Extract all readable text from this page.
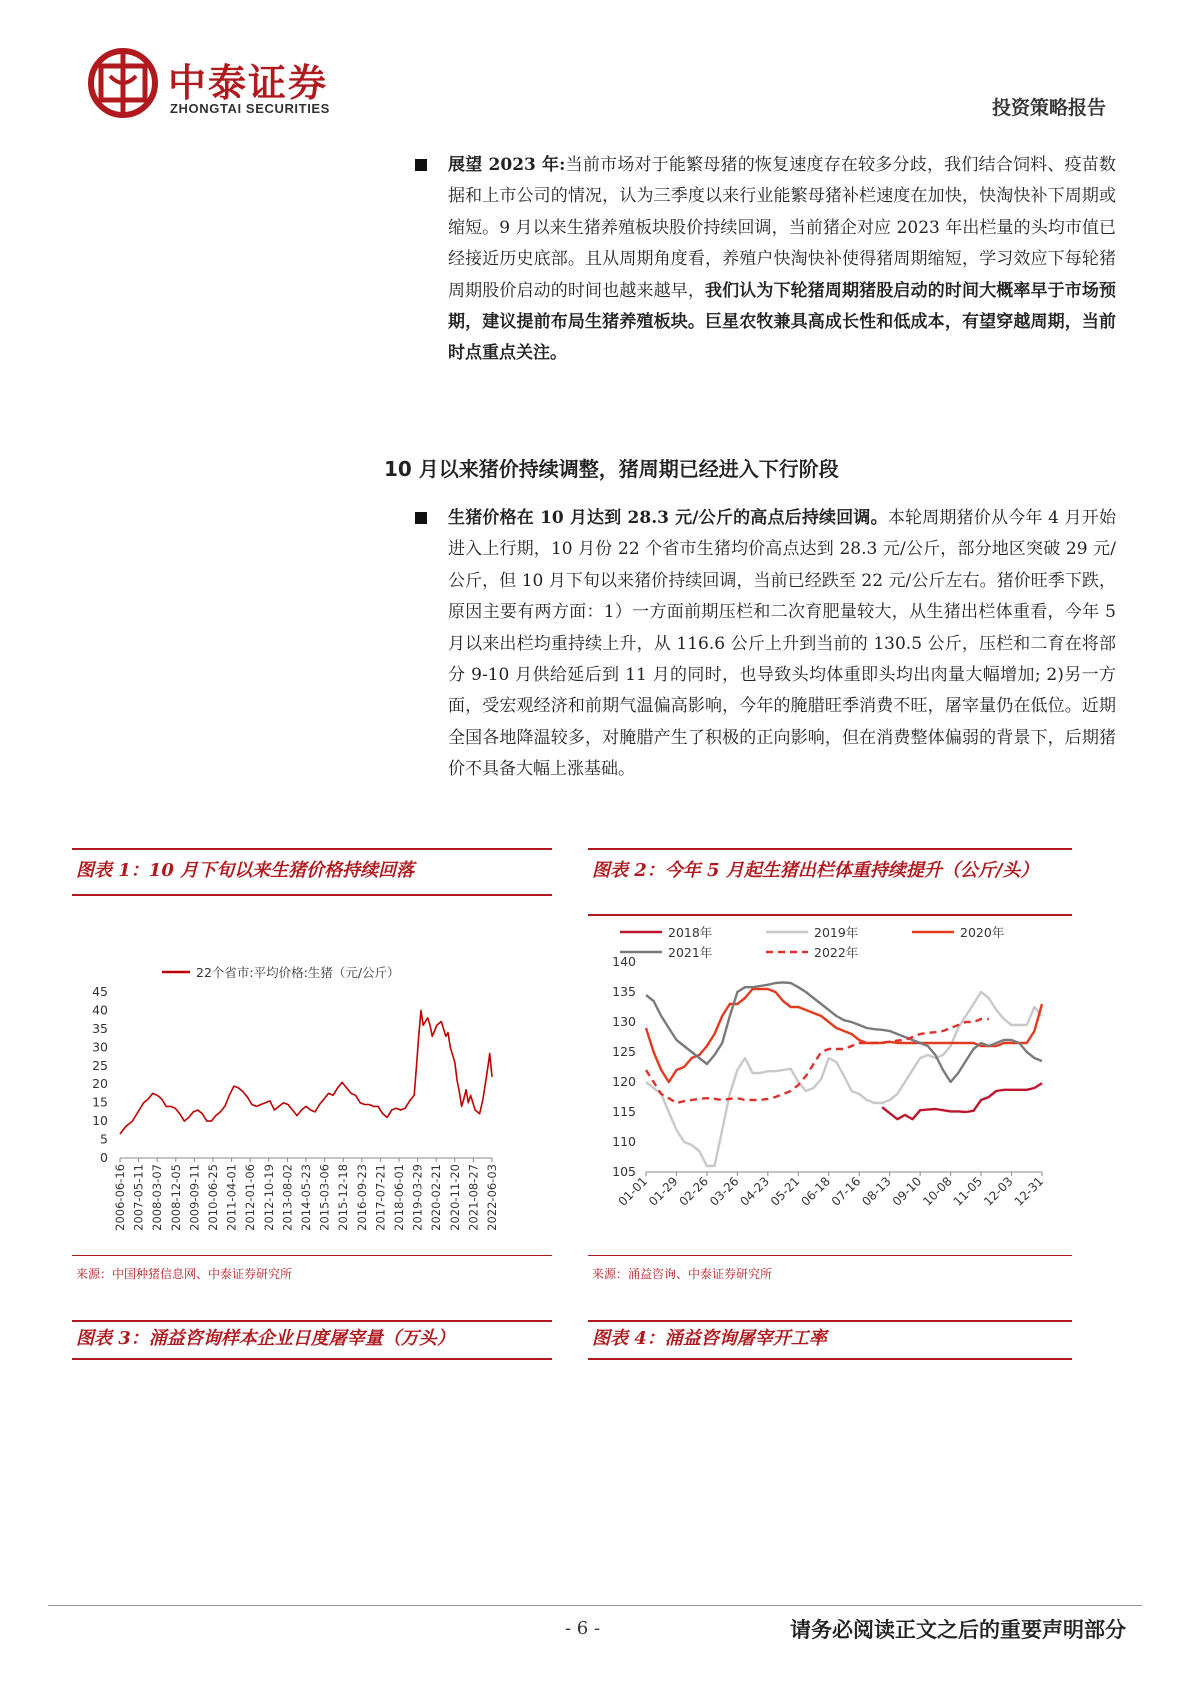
中泰证券
ZHONGTAI SECURITIES	投资策略报告
展望 2023 年:当前市场对于能繁母猪的恢复速度存在较多分歧，我们结合饲料、疫苗数据和上市公司的情况，认为三季度以来行业能繁母猪补栏速度在加快，快淘快补下周期或缩短。9 月以来生猪养殖板块股价持续回调，当前猪企对应 2023 年出栏量的头均市值已经接近历史底部。且从周期角度看，养殖户快淘快补使得猪周期缩短，学习效应下每轮猪周期股价启动的时间也越来越早，我们认为下轮猪周期猪股启动的时间大概率早于市场预期，建议提前布局生猪养殖板块。巨星农牧兼具高成长性和低成本，有望穿越周期，当前时点重点关注。
10 月以来猪价持续调整，猪周期已经进入下行阶段
生猪价格在 10 月达到 28.3 元/公斤的高点后持续回调。本轮周期猪价从今年 4 月开始进入上行期，10 月份 22 个省市生猪均价高点达到 28.3 元/公斤，部分地区突破 29 元/公斤，但 10 月下旬以来猪价持续回调，当前已经跌至 22 元/公斤左右。猪价旺季下跌，原因主要有两方面：1）一方面前期压栏和二次育肥量较大，从生猪出栏体重看，今年 5 月以来出栏均重持续上升，从 116.6 公斤上升到当前的 130.5 公斤，压栏和二育在将部分 9-10 月供给延后到 11 月的同时，也导致头均体重即头均出肉量大幅增加; 2)另一方面，受宏观经济和前期气温偏高影响，今年的腌腊旺季消费不旺，屠宰量仍在低位。近期全国各地降温较多，对腌腊产生了积极的正向影响，但在消费整体偏弱的背景下，后期猪价不具备大幅上涨基础。
图表 1：10 月下旬以来生猪价格持续回落
22个省市:平均价格:生猪（元/公斤）
0
5
10
15
20
25
30
35
40
45
2006-06-16 2007-05-11 2008-03-07 2008-12-05 2009-09-11 2010-06-25 2011-04-01 2012-01-06 2012-10-19 2013-08-02 2014-05-23 2015-03-06 2015-12-18 2016-09-23 2017-07-21 2018-06-01 2019-03-29 2020-02-21 2020-11-20 2021-08-27 2022-06-03
来源：中国种猪信息网、中泰证券研究所
图表 2：今年 5 月起生猪出栏体重持续提升（公斤/头）
2018年	2019年	2020年
2021年	2022年
105
110
115
120
125
130
135
140
01-01
01-29
02-26
03-26
04-23
05-21
06-18
07-16
08-13
09-10
10-08
11-05
12-03
12-31
来源：涌益咨询、中泰证券研究所
图表 3：涌益咨询样本企业日度屠宰量（万头）	图表 4：涌益咨询屠宰开工率
- 6 -	请务必阅读正文之后的重要声明部分
